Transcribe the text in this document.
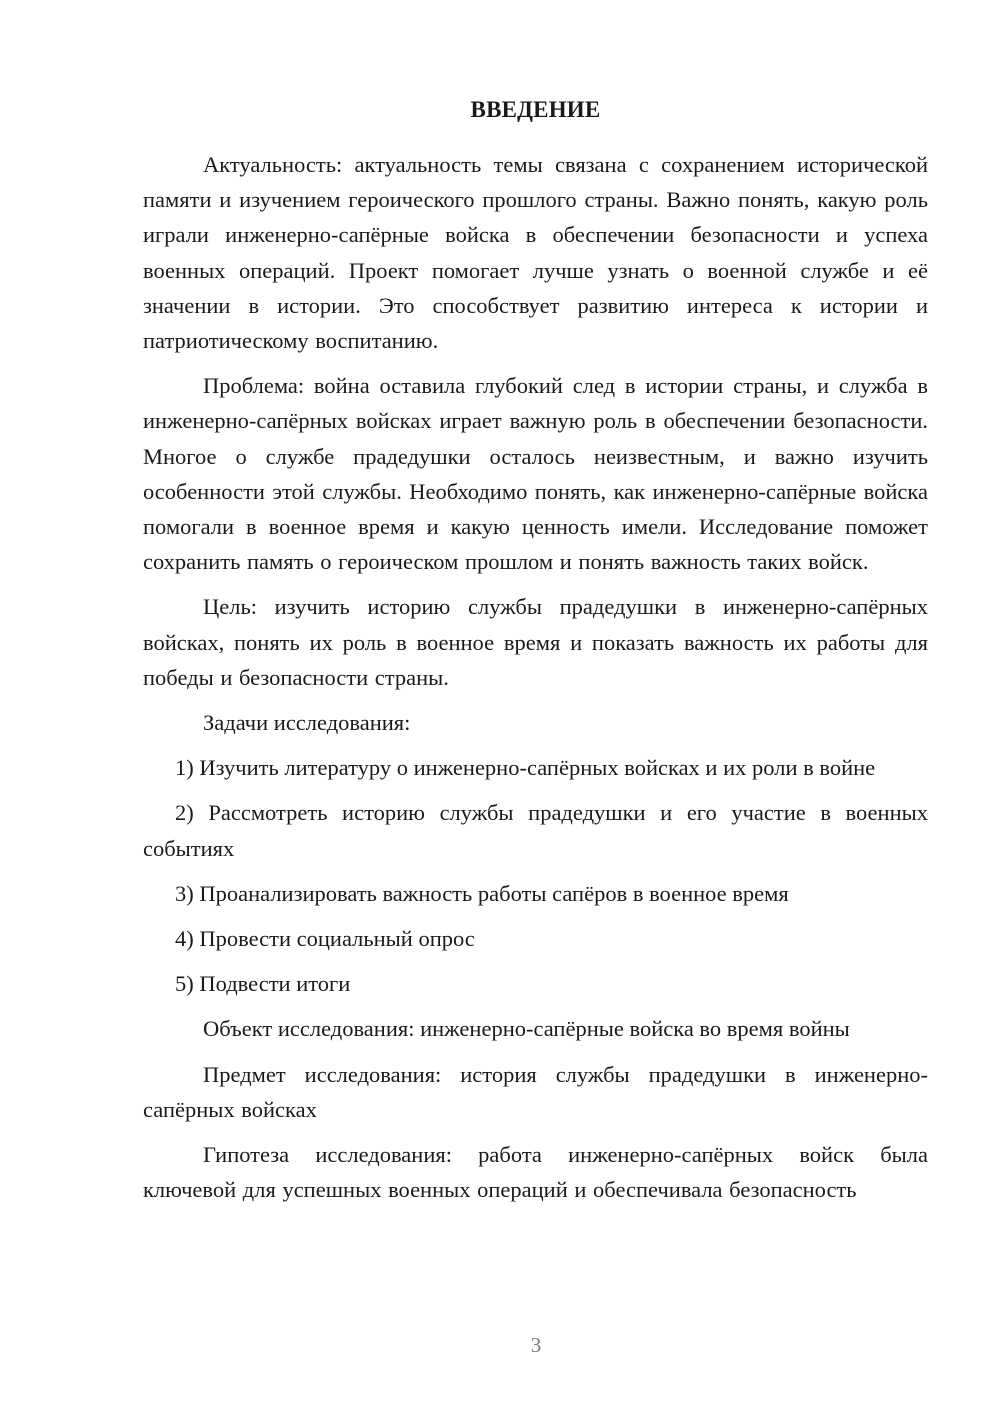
ВВЕДЕНИЕ

Актуальность: актуальность темы связана с сохранением исторической памяти и изучением героического прошлого страны. Важно понять, какую роль играли инженерно-сапёрные войска в обеспечении безопасности и успеха военных операций. Проект помогает лучше узнать о военной службе и её значении в истории. Это способствует развитию интереса к истории и патриотическому воспитанию.

Проблема: война оставила глубокий след в истории страны, и служба в инженерно-сапёрных войсках играет важную роль в обеспечении безопасности. Многое о службе прадедушки осталось неизвестным, и важно изучить особенности этой службы. Необходимо понять, как инженерно-сапёрные войска помогали в военное время и какую ценность имели. Исследование поможет сохранить память о героическом прошлом и понять важность таких войск.

Цель: изучить историю службы прадедушки в инженерно-сапёрных войсках, понять их роль в военное время и показать важность их работы для победы и безопасности страны.

Задачи исследования:

1) Изучить литературу о инженерно-сапёрных войсках и их роли в войне

2) Рассмотреть историю службы прадедушки и его участие в военных событиях

3) Проанализировать важность работы сапёров в военное время

4) Провести социальный опрос

5) Подвести итоги

Объект исследования: инженерно-сапёрные войска во время войны

Предмет исследования: история службы прадедушки в инженерно-сапёрных войсках

Гипотеза исследования: работа инженерно-сапёрных войск была ключевой для успешных военных операций и обеспечивала безопасность

3
